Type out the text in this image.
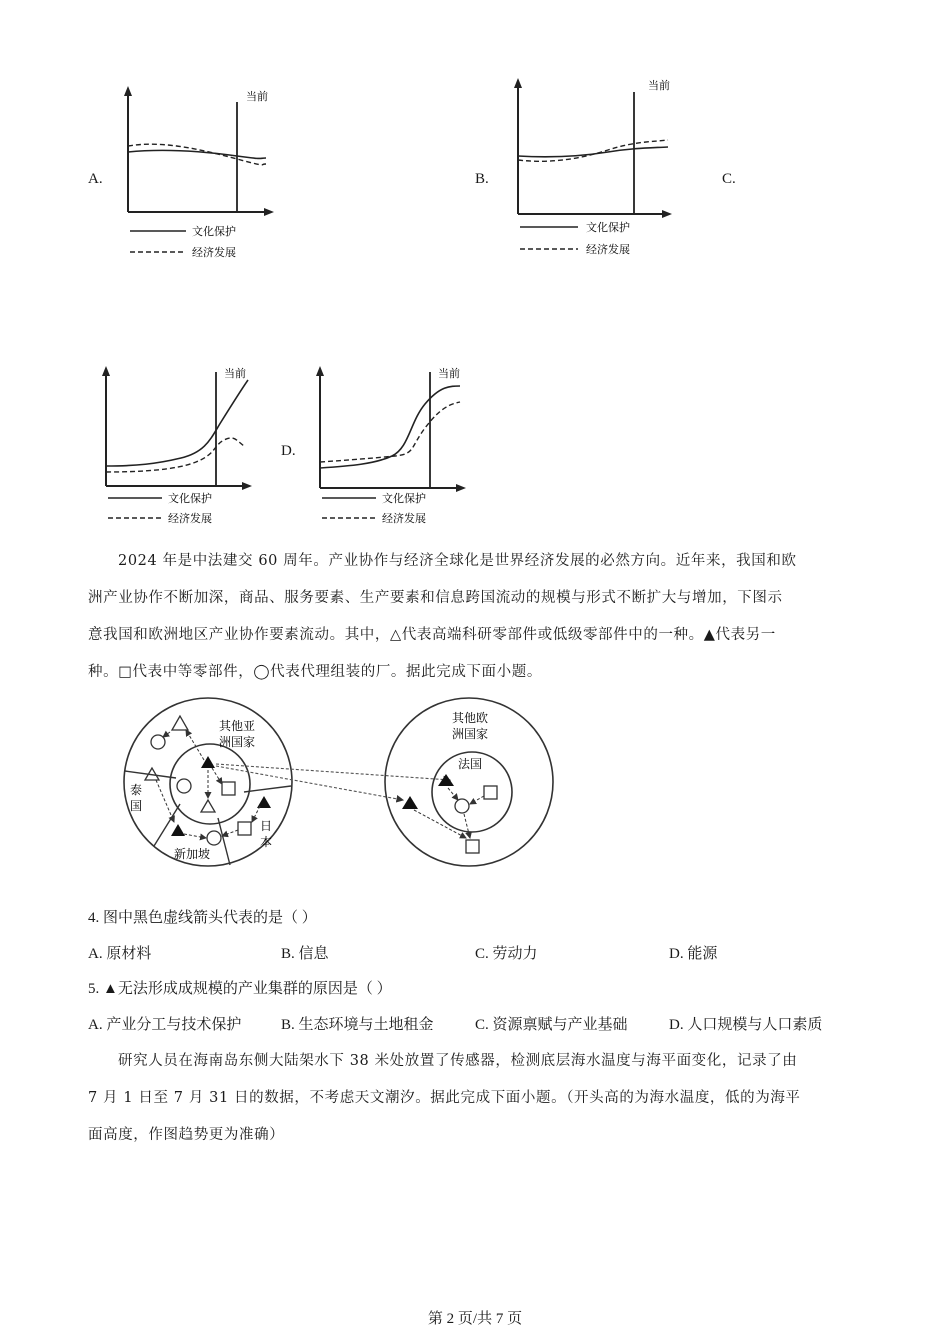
A.
当前
文化保护
经济发展
B.
当前
文化保护
经济发展
C.
当前
文化保护
经济发展
D.
当前
文化保护
经济发展

2024 年是中法建交 60 周年。产业协作与经济全球化是世界经济发展的必然方向。近年来，我国和欧

洲产业协作不断加深，商品、服务要素、生产要素和信息跨国流动的规模与形式不断扩大与增加，下图示

意我国和欧洲地区产业协作要素流动。其中，△代表高端科研零部件或低级零部件中的一种。▲代表另一

种。□代表中等零部件，◯代表代理组装的厂。据此完成下面小题。

其他亚
洲国家
泰
国
新加坡
日
本
其他欧
洲国家
法国
4. 图中黑色虚线箭头代表的是（ ）
A. 原材料	B. 信息	C. 劳动力	D. 能源
5. ▲无法形成成规模的产业集群的原因是（ ）
A. 产业分工与技术保护	B. 生态环境与土地租金	C. 资源禀赋与产业基础	D. 人口规模与人口素质

研究人员在海南岛东侧大陆架水下 38 米处放置了传感器，检测底层海水温度与海平面变化，记录了由

7 月 1 日至 7 月 31 日的数据，不考虑天文潮汐。据此完成下面小题。（开头高的为海水温度，低的为海平

面高度，作图趋势更为准确）

第 2 页/共 7 页
